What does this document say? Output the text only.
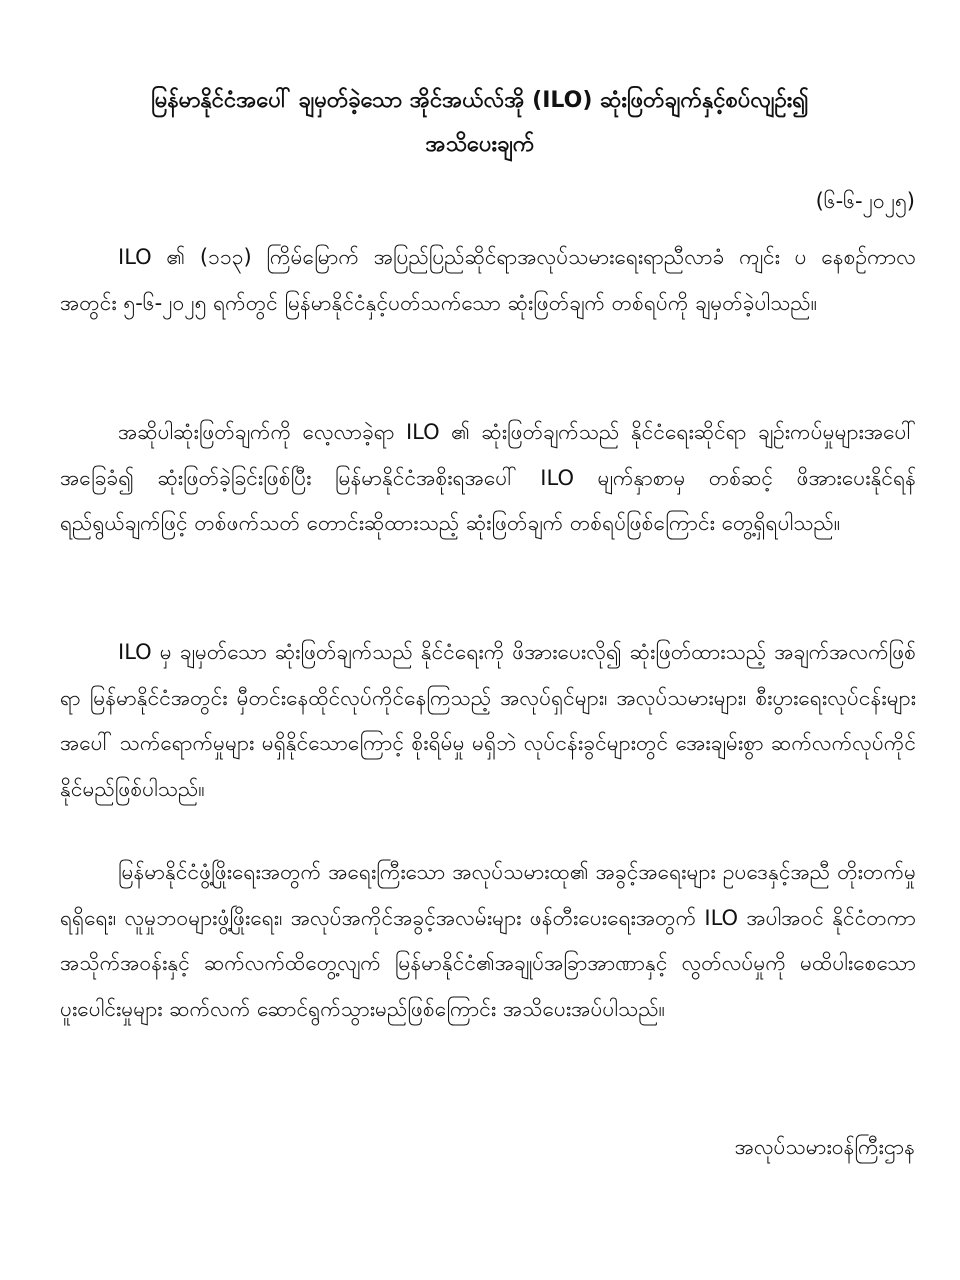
မြန်မာနိုင်ငံအပေါ် ချမှတ်ခဲ့သော အိုင်အယ်လ်အို (ILO) ဆုံးဖြတ်ချက်နှင့်စပ်လျဉ်း၍
အသိပေးချက်
(၆-၆-၂၀၂၅)

ILO ၏ (၁၁၃) ကြိမ်မြောက် အပြည်ပြည်ဆိုင်ရာအလုပ်သမားရေးရာညီလာခံ ကျင်း ပ နေစဉ်ကာလအတွင်း ၅-၆-၂၀၂၅ ရက်တွင် မြန်မာနိုင်ငံနှင့်ပတ်သက်သော ဆုံးဖြတ်ချက် တစ်ရပ်ကို ချမှတ်ခဲ့ပါသည်။

အဆိုပါဆုံးဖြတ်ချက်ကို လေ့လာခဲ့ရာ ILO ၏ ဆုံးဖြတ်ချက်သည် နိုင်ငံရေးဆိုင်ရာ ချဉ်းကပ်မှုများအပေါ် အခြေခံ၍ ဆုံးဖြတ်ခဲ့ခြင်းဖြစ်ပြီး မြန်မာနိုင်ငံအစိုးရအပေါ် ILO မျက်နှာစာမှ တစ်ဆင့် ဖိအားပေးနိုင်ရန် ရည်ရွယ်ချက်ဖြင့် တစ်ဖက်သတ် တောင်းဆိုထားသည့် ဆုံးဖြတ်ချက် တစ်ရပ်ဖြစ်ကြောင်း တွေ့ရှိရပါသည်။

ILO မှ ချမှတ်သော ဆုံးဖြတ်ချက်သည် နိုင်ငံရေးကို ဖိအားပေးလို၍ ဆုံးဖြတ်ထားသည့် အချက်အလက်ဖြစ်ရာ မြန်မာနိုင်ငံအတွင်း မှီတင်းနေထိုင်လုပ်ကိုင်နေကြသည့် အလုပ်ရှင်များ၊ အလုပ်သမားများ၊ စီးပွားရေးလုပ်ငန်းများအပေါ် သက်ရောက်မှုများ မရှိနိုင်သောကြောင့် စိုးရိမ်မှု မရှိဘဲ လုပ်ငန်းခွင်များတွင် အေးချမ်းစွာ ဆက်လက်လုပ်ကိုင်နိုင်မည်ဖြစ်ပါသည်။

မြန်မာနိုင်ငံဖွံ့ဖြိုးရေးအတွက် အရေးကြီးသော အလုပ်သမားထု၏ အခွင့်အရေးများ ဥပဒေနှင့်အညီ တိုးတက်မှုရရှိရေး၊ လူမှုဘဝများဖွံ့ဖြိုးရေး၊ အလုပ်အကိုင်အခွင့်အလမ်းများ ဖန်တီးပေးရေးအတွက် ILO အပါအဝင် နိုင်ငံတကာအသိုက်အဝန်းနှင့် ဆက်လက်ထိတွေ့လျက် မြန်မာနိုင်ငံ၏အချုပ်အခြာအာဏာနှင့် လွတ်လပ်မှုကို မထိပါးစေသော ပူးပေါင်းမှုများ ဆက်လက် ဆောင်ရွက်သွားမည်ဖြစ်ကြောင်း အသိပေးအပ်ပါသည်။

အလုပ်သမားဝန်ကြီးဌာန
